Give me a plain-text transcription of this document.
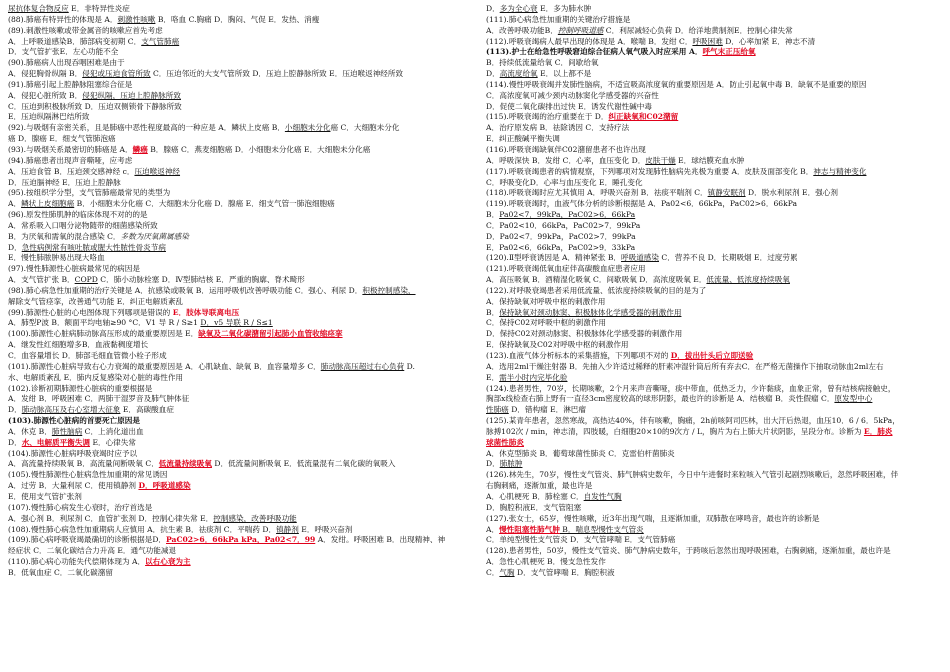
尿抗体复合物反应 E．非特异性炎症
(88).肺癌有特异性的体现是 A．刺激性咳嗽 B．咯血 C.胸痛 D．胸闷、气促 E．发热、消瘦
(89).刺激性咳嗽或带金属音的咳嗽应首先考虑
A．上呼吸道感染B．肺部病变初期 C．支气管肺癌
D．支气管扩张E．左心功能不全
(90).肺癌病人出现吞咽困难是由于
A．侵犯胸骨纵隔 B．侵犯或压迫食管所致 C．压迫邻近的大支气管所致 D．压迫上腔静脉所致 E．压迫喉返神经所致
(91).肺癌引起上腔静脉阻塞综合征是
A．侵犯心脏所致 B．侵犯纵隔，压迫上腔静脉所致
C．压迫到积极脉所致 D．压迫双侧锁骨下静脉所致
E．压迫纵隔淋巴结所致
(92).与吸烟有亲密关系，且是肺癌中恶性程度最高的一种应是 A．鳞状上皮癌 B．小细胞未分化癌 C．大细胞未分化
癌 D．腺癌 E．细支气管肺泡癌
(93).与吸烟关系最密切的肺癌是 A．鳞癌 B．腺癌 C．燕麦细胞癌 D．小细胞未分化癌 E．大细胞未分化癌
(94).肺癌患者出现声音嘶哑，应考虑
A．压迫食管 B．压迫颈交感神经 c．压迫喉返神经
D．压迫膈神经 E．压迫上腔静脉
(95).按组织学分型，支气管肺癌最常见的类型为
A．鳞状上皮细胞癌 B．小细胞未分化癌 C．大细胞未分化癌 D．腺癌 E．细支气管一肺泡细胞癌
(96).原发性肺肌肿的临床体现不对的的是
A．常系吸入口咽分泌物随带的细菌感染所致
B．为厌氧和需氧的混合感染 C．多数为厌氧菌属感染
D．急性病例常有咳吐脓或腥大性脓性骨炎节病
E．慢性肺脓肿易出现大咯血
(97).慢性肺源性心脏病最常见的病因是
A．支气管扩张 B．COPD C．肺小动脉栓塞 D．Ⅳ型肺结核 E．严重的胸廓、脊术畸形
(98).肺心病急性加重期的治疗关键是 A．抗感染或吸氧 B．运用呼吸机改善呼吸功能 C．强心、利尿 D．积极控制感染，
解除支气管痉挛，改善通气功能 E．纠正电解质紊乱
(99).肺源性心脏的心电图体现下列哪项是错误的 E．肢体导联离电压
A．肺型P波 B．额面平均电轴≥90 °C．V1 导 R / S≥1 D．v5 导联 R / S≤1
(100).肺源性心脏病肺动脉高压形成的最重要原因是 E．缺氧及二氧化碳潴留引起肺小血管收缩痉挛
A．继发性红细胞增多B．血液黏稠度增长
C．血容量增长 D．肺部毛细血管微小栓子形成
(101).肺源性心脏病导致右心力衰竭的最重要原因是 A．心肌缺血、缺氧 B．血容量增多 C．肺动脉高压超过右心负荷 D.
水、电解质紊乱 E．肺内反复感染对心脏的毒性作用
(102).诊断初期肺源性心脏病的重要根据是
A．发绀 B．呼吸困难 C．两肺干湿罗音及肺气肿体征
D．肺动脉高压及右心室增大征象 E．高碳酸血症
(103).肺源性心脏病的首要死亡原因是
A．休克 B．肺性脑病 C．上消化道出血
D．水、电解质平衡失调 E．心律失常
(104).肺源性心脏病呼吸衰竭时应予以
A．高流量持续吸氧 B．高流量间断吸氧 C．低流量持续吸氧 D．低流量间断吸氧 E．低流量混有二氧化碳的氧吸入
(105).慢性肺源性心脏病急性加重期的常见诱因
A．过劳 B．大量利尿 C．使用镇静剂 D．呼吸道感染
E．使用支气管扩张剂
(107).慢性肺心病发生心衰时，治疗首选是
A．强心剂 B．利尿剂 C．血管扩张剂 D．控制心律失常 E．控制感染，改善呼吸功能
(108).慢性肺心病急性加重期病人应慎用 A．抗生素 B．祛痰剂 C．平喘药 D．镇静剂 E．呼吸兴奋剂
(109).肺心病呼吸衰竭最确切的诊断根据是D．PaC02>6．66kPa kPa，Pa02<7．99 A．发绀。呼吸困难 B．出现精神、神
经症状 C．二氧化碳结合力升高 E．通气功能减退
(110).肺心病心功能失代偿期体现为 A．以右心衰为主
B．低氧血症 C．二氧化碳潴留
D．多为全心衰 E．多为肺水肿
(111).肺心病急性加重期的关键治疗措施是
A．改善呼吸功能B．控制呼吸道感 C．利尿减轻心负荷 D．给洋地黄制剂E．控制心律失常
(112).呼吸衰竭病人最早出现的体现是 A．喉喘 B．发绀 C．呼吸困难 D．心率加紧 E．神志不清
(113).护士在给急性呼吸窘迫综合征病人氧气吸入时应采用 A．呼气末正压给氧
B．持续低流量给氧 C．间歇给氧
D．高流度给氧 E．以上都不是
(114).慢性呼吸衰竭并发肺性脑病，不适宜吸高浓度氧的重要原因是 A．防止引起氧中毒 B．缺氧不是重要的原因
C．高浓度氧可减少颈内动脉窦化学感受器的兴奋性
D．促使二氧化碳排出过快 E．诱发代谢性碱中毒
(115).呼吸衰竭的治疗重要在于 D．纠正缺氧和C02潴留
A．治疗原发病 B．祛除诱因 C．支持疗法
E．纠正酸碱平衡失调
(116).呼吸衰竭缺氧伴C02潴留患者不也许出现
A．呼吸深快 B．发绀 C．心率，血压变化 D．皮肤干燥 E．球结膜充血水肿
(117).呼吸衰竭患者的病情观察，下列哪项对发现肺性脑病先兆极为重要 A．皮肤及面部变化 B．神志与精神变化
C．呼吸变化D．心率与血压变化 E．睡孔变化
(118).呼吸衰竭时应尤其慎用 A．呼吸兴奋剂 B．祛痰平喘剂 C．镇静安眠剂 D．脱水利尿剂 E．强心剂
(119).呼吸衰竭时，血液气体分析的诊断根据是 A．Pa02<6．66kPa，PaC02>6．66kPa
B．Pa02<7．99kPa，PaC02>6．66kPa
C．Pa02<10．66kPa，PaC02>7．99kPa
D．Pa02<7．99kPa，PaC02>7．99kPa
E．Pa02<6．66kPa，PaC02>9．33kPa
(120).Ⅱ型呼衰诱因是 A．精神紧张 B．呼吸道感染 C．营养不良 D．长期吸烟 E．过度劳累
(121).呼吸衰竭低氧血症伴高碳酸血症患者应用
A．高压吸氧 B．酒精湿化吸氧 C．间歇吸氧 D．高浓度吸氧 E．低流量、低浓度持续吸氧
(122).对呼吸衰竭患者采用低流量、低浓度持续吸氧的目的是为了
A．保持缺氧对呼吸中枢的刺激作用
B．保持缺氧对颈动脉窦、积极脉体化学感受器的刺激作用
C．保持C02对呼吸中枢的刺激作用
D．保持C02对颈动脉窦、积极脉体化学感受器的刺激作用
E．保持缺氧及C02对呼吸中枢的刺激作用
(123).血液气体分析标本的采集措施，下列哪项不对的 D．拔出针头后立即送验
A．选用2ml干燥注射器 B．先抽入少许适过稀释的肝素冲湿针筒后所有弃去C．在严格无菌操作下抽取动脉血2ml左右
E．需半小时内完毕化验
(124).患者男性，70岁，长期咳嗽，2个月来声音嘶哑，痰中带血，低热乏力，少许黏痰，血象正常，曾有结核病接触史，
胸部x线检查右肺上野有一直径3cm密度较高的球形阴影，最也许的诊断是 A．结核瘤 B．炎性假瘤 C．原发型中心
性肺癌 D．错构瘤 E．淋巴瘤
(125).某青年患者，忽然寒战，高热达40%，伴有咳嗽，胸痛，2h前咳阿司匹林，出大汗后热退，血压10．6 / 6．5kPa，
脉搏102次 / min，神志清，四肢暖，白细胞20×10的9次方 / L，胸片为右上肺大片状阴影，呈段分布。诊断为 E．肺炎
球菌性肺炎
A．休克型肺炎 B．葡萄球菌性肺炎 C．克雷伯杆菌肺炎
D．肺脓肿
(126).林先生，70岁，慢性支气管炎、肺气肿病史数年，今日中午进餐时来粒咳入气管引起剧烈咳嗽后，忽然呼吸困难，伴
右胸刺痛，逐渐加重，最也许是
A．心肌梗死 B．肺栓塞 C．自发性气胸
D．胸腔积液E．支气管阻塞
(127).张女士，65岁，慢性咳嗽，近3年出现气喘，且逐渐加重，双肺散在哮鸣音，最也许的诊断是
A．慢性阻塞性肺气肿 B．喘息型慢性支气管炎
C．单纯型慢性支气管炎 D．支气管哮喘 E．支气管肺癌
(128).患者男性，50岁，慢性支气管炎、肺气肿病史数年，于跨咳后忽然出现呼吸困难，右胸刺痛，逐渐加重，最也许是
A．急性心肌梗死 B．慢支急性发作
C．气胸 D．支气管哮喘 E．胸腔积液
